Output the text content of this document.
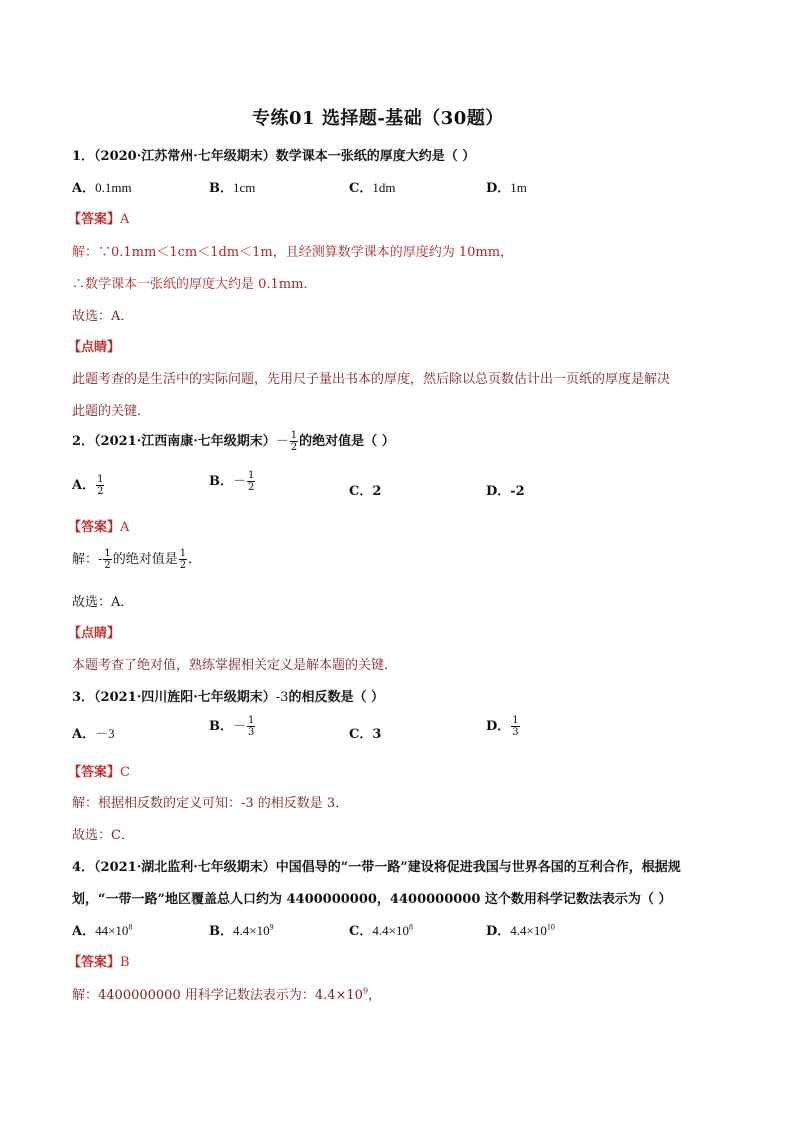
专练01 选择题-基础（30题）
1．（2020·江苏常州·七年级期末）数学课本一张纸的厚度大约是（ ）
A．0.1mm	B．1cm	C．1dm	D．1m
【答案】A
解：∵0.1mm＜1cm＜1dm＜1m，且经测算数学课本的厚度约为 10mm，
∴数学课本一张纸的厚度大约是 0.1mm．
故选：A．
【点睛】
此题考查的是生活中的实际问题，先用尺子量出书本的厚度，然后除以总页数估计出一页纸的厚度是解决
此题的关键．
2．（2021·江西南康·七年级期末）－ $\frac{1}{2}$ 的绝对值是（ ）
A． $\frac{1}{2}$	B．－ $\frac{1}{2}$	C．2	D．-2
【答案】A
解：- $\frac{1}{2}$ 的绝对值是 $\frac{1}{2}$ ．
故选：A．
【点睛】
本题考查了绝对值，熟练掌握相关定义是解本题的关键．
3．（2021·四川旌阳·七年级期末）-3的相反数是（ ）
A．－3	B．－ $\frac{1}{3}$	C．3
D． $\frac{1}{3}$
【答案】C
解：根据相反数的定义可知：-3 的相反数是 3．
故选：C．
4．（2021·湖北监利·七年级期末）中国倡导的“一带一路”建设将促进我国与世界各国的互利合作，根据规
划，“一带一路”地区覆盖总人口约为 4400000000，4400000000 这个数用科学记数法表示为（ ）
A．$44\times 10^8$	B．$4.4\times 10^9$	C．$4.4\times 10^8$	D．$4.4\times 10^{10}$
【答案】B
解：4400000000 用科学记数法表示为：$4.4\times 10^9$，
